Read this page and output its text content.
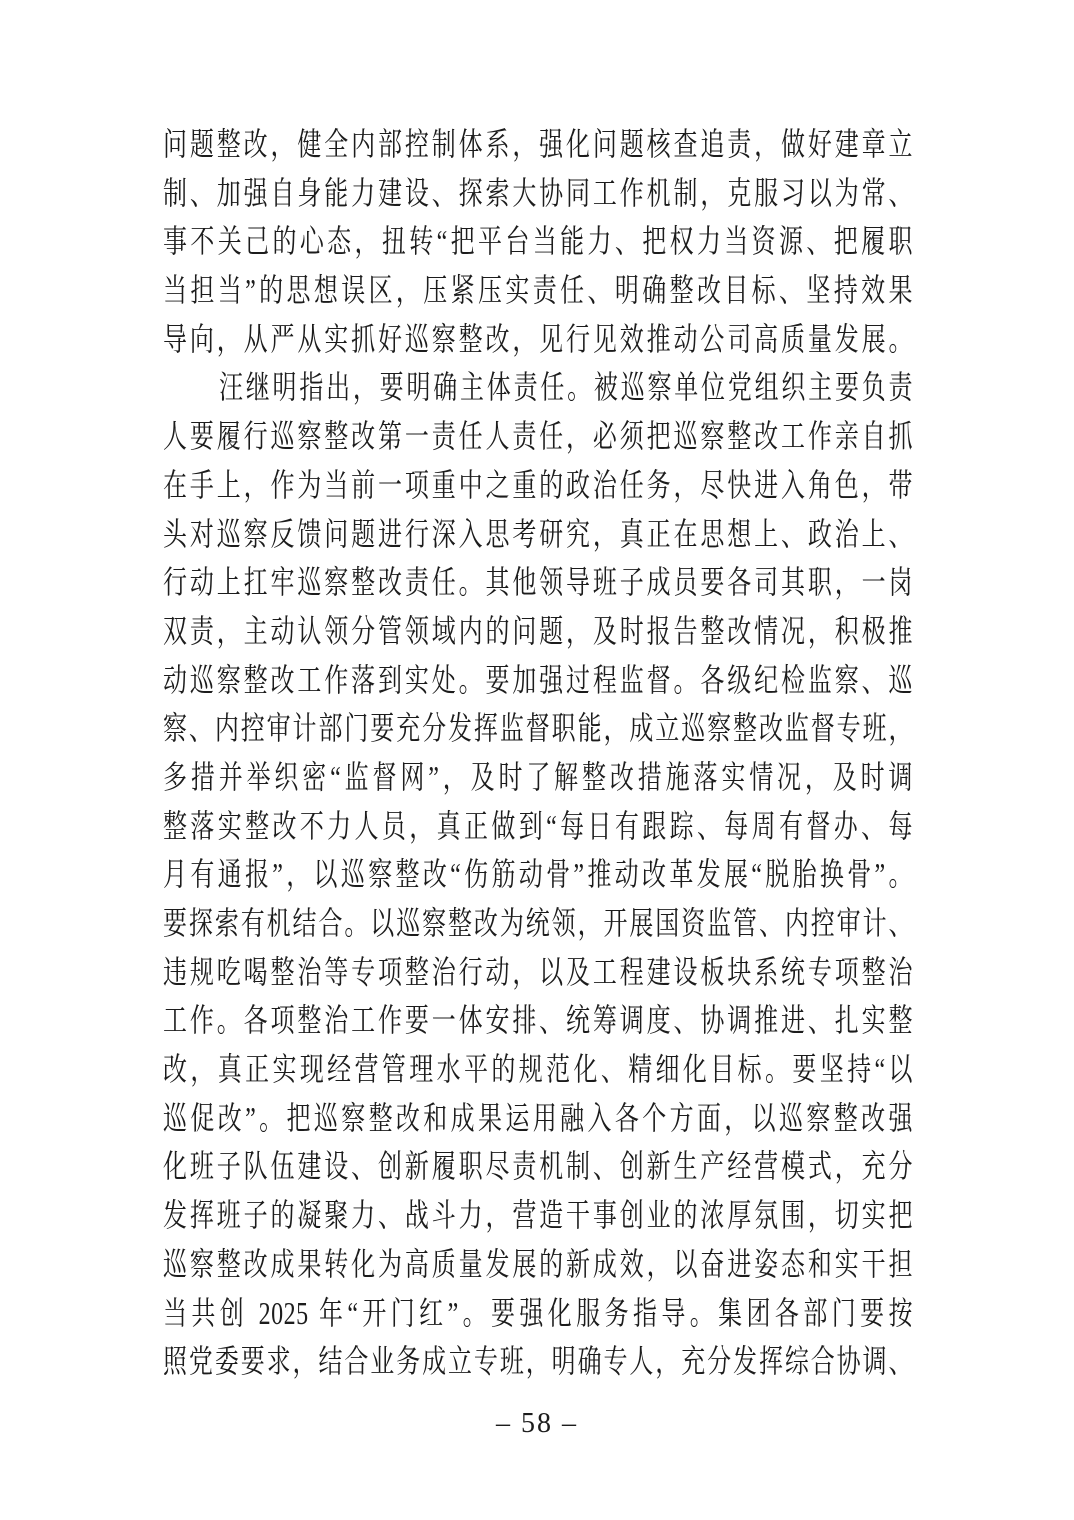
问题整改，健全内部控制体系，强化问题核查追责，做好建章立
制、加强自身能力建设、探索大协同工作机制，克服习以为常、
事不关己的心态，扭转“把平台当能力、把权力当资源、把履职
当担当”的思想误区，压紧压实责任、明确整改目标、坚持效果
导向，从严从实抓好巡察整改，见行见效推动公司高质量发展。
汪继明指出，要明确主体责任。被巡察单位党组织主要负责
人要履行巡察整改第一责任人责任，必须把巡察整改工作亲自抓
在手上，作为当前一项重中之重的政治任务，尽快进入角色，带
头对巡察反馈问题进行深入思考研究，真正在思想上、政治上、
行动上扛牢巡察整改责任。其他领导班子成员要各司其职，一岗
双责，主动认领分管领域内的问题，及时报告整改情况，积极推
动巡察整改工作落到实处。要加强过程监督。各级纪检监察、巡
察、内控审计部门要充分发挥监督职能，成立巡察整改监督专班，
多措并举织密“监督网”，及时了解整改措施落实情况，及时调
整落实整改不力人员，真正做到“每日有跟踪、每周有督办、每
月有通报”，以巡察整改“伤筋动骨”推动改革发展“脱胎换骨”。
要探索有机结合。以巡察整改为统领，开展国资监管、内控审计、
违规吃喝整治等专项整治行动，以及工程建设板块系统专项整治
工作。各项整治工作要一体安排、统筹调度、协调推进、扎实整
改，真正实现经营管理水平的规范化、精细化目标。要坚持“以
巡促改”。把巡察整改和成果运用融入各个方面，以巡察整改强
化班子队伍建设、创新履职尽责机制、创新生产经营模式，充分
发挥班子的凝聚力、战斗力，营造干事创业的浓厚氛围，切实把
巡察整改成果转化为高质量发展的新成效，以奋进姿态和实干担
当共创 2025 年“开门红”。要强化服务指导。集团各部门要按
照党委要求，结合业务成立专班，明确专人，充分发挥综合协调、
– 58 –
